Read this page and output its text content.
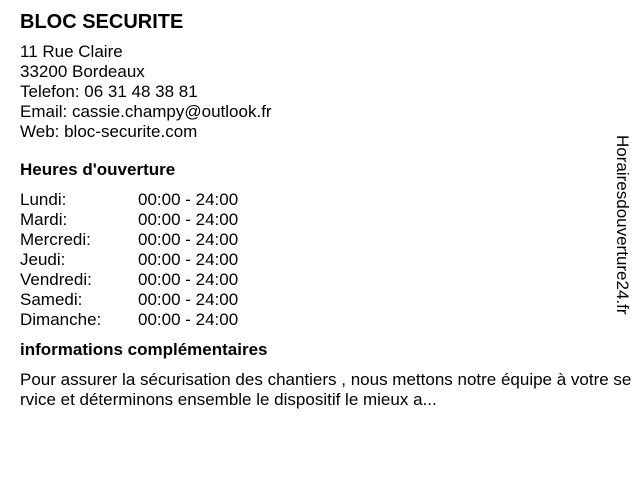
BLOC SECURITE
11 Rue Claire
33200 Bordeaux
Telefon: 06 31 48 38 81
Email: cassie.champy@outlook.fr
Web: bloc-securite.com
Heures d'ouverture
Lundi:	00:00 - 24:00
Mardi:	00:00 - 24:00
Mercredi:	00:00 - 24:00
Jeudi:	00:00 - 24:00
Vendredi:	00:00 - 24:00
Samedi:	00:00 - 24:00
Dimanche:	00:00 - 24:00
informations complémentaires
Pour assurer la sécurisation des chantiers , nous mettons notre équipe à votre service et déterminons ensemble le dispositif le mieux a...
Horairesdouverture24.fr
